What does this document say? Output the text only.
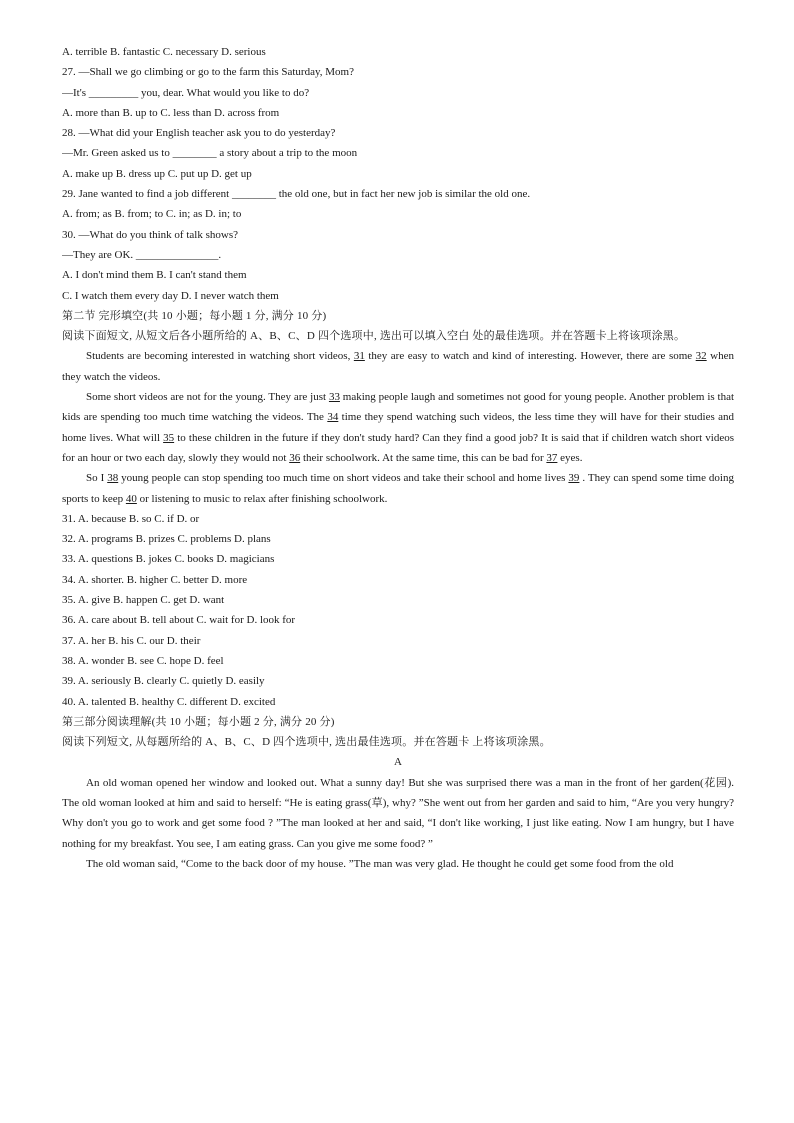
A. terrible B. fantastic C. necessary D. serious
27. —Shall we go climbing or go to the farm this Saturday, Mom?
—It's _________ you, dear. What would you like to do?
A. more than B. up to C. less than D. across from
28. —What did your English teacher ask you to do yesterday?
—Mr. Green asked us to ________ a story about a trip to the moon
A. make up B. dress up C. put up D. get up
29. Jane wanted to find a job different ________ the old one, but in fact her new job is similar the old one.
A. from; as B. from; to C. in; as D. in; to
30. —What do you think of talk shows?
—They are OK. _______________.
A. I don't mind them B. I can't stand them
C. I watch them every day D. I never watch them
第二节 完形填空(共 10 小题；每小题 1 分, 满分 10 分)
阅读下面短文, 从短文后各小题所给的 A、B、C、D 四个选项中, 选出可以填入空白 处的最佳选项。并在答题卡上将该项涂黑。

Students are becoming interested in watching short videos, 31 they are easy to watch and kind of interesting. However, there are some 32 when they watch the videos.

Some short videos are not for the young. They are just 33 making people laugh and sometimes not good for young people. Another problem is that kids are spending too much time watching the videos. The 34 time they spend watching such videos, the less time they will have for their studies and home lives. What will 35 to these children in the future if they don't study hard? Can they find a good job? It is said that if children watch short videos for an hour or two each day, slowly they would not 36 their schoolwork. At the same time, this can be bad for 37 eyes.

So I 38 young people can stop spending too much time on short videos and take their school and home lives 39 . They can spend some time doing sports to keep 40 or listening to music to relax after finishing schoolwork.

31. A. because B. so C. if D. or
32. A. programs B. prizes C. problems D. plans
33. A. questions B. jokes C. books D. magicians
34. A. shorter. B. higher C. better D. more
35. A. give B. happen C. get D. want
36. A. care about B. tell about C. wait for D. look for
37. A. her B. his C. our D. their
38. A. wonder B. see C. hope D. feel
39. A. seriously B. clearly C. quietly D. easily
40. A. talented B. healthy C. different D. excited
第三部分阅读理解(共 10 小题；每小题 2 分, 满分 20 分)
阅读下列短文, 从每题所给的 A、B、C、D 四个选项中, 选出最佳选项。并在答题卡 上将该项涂黑。
A

An old woman opened her window and looked out. What a sunny day! But she was surprised there was a man in the front of her garden(花园). The old woman looked at him and said to herself: “He is eating grass(草), why? ”She went out from her garden and said to him, “Are you very hungry? Why don't you go to work and get some food ? ”The man looked at her and said, “I don't like working, I just like eating. Now I am hungry, but I have nothing for my breakfast. You see, I am eating grass. Can you give me some food? ”

The old woman said, “Come to the back door of my house. ”The man was very glad. He thought he could get some food from the old
